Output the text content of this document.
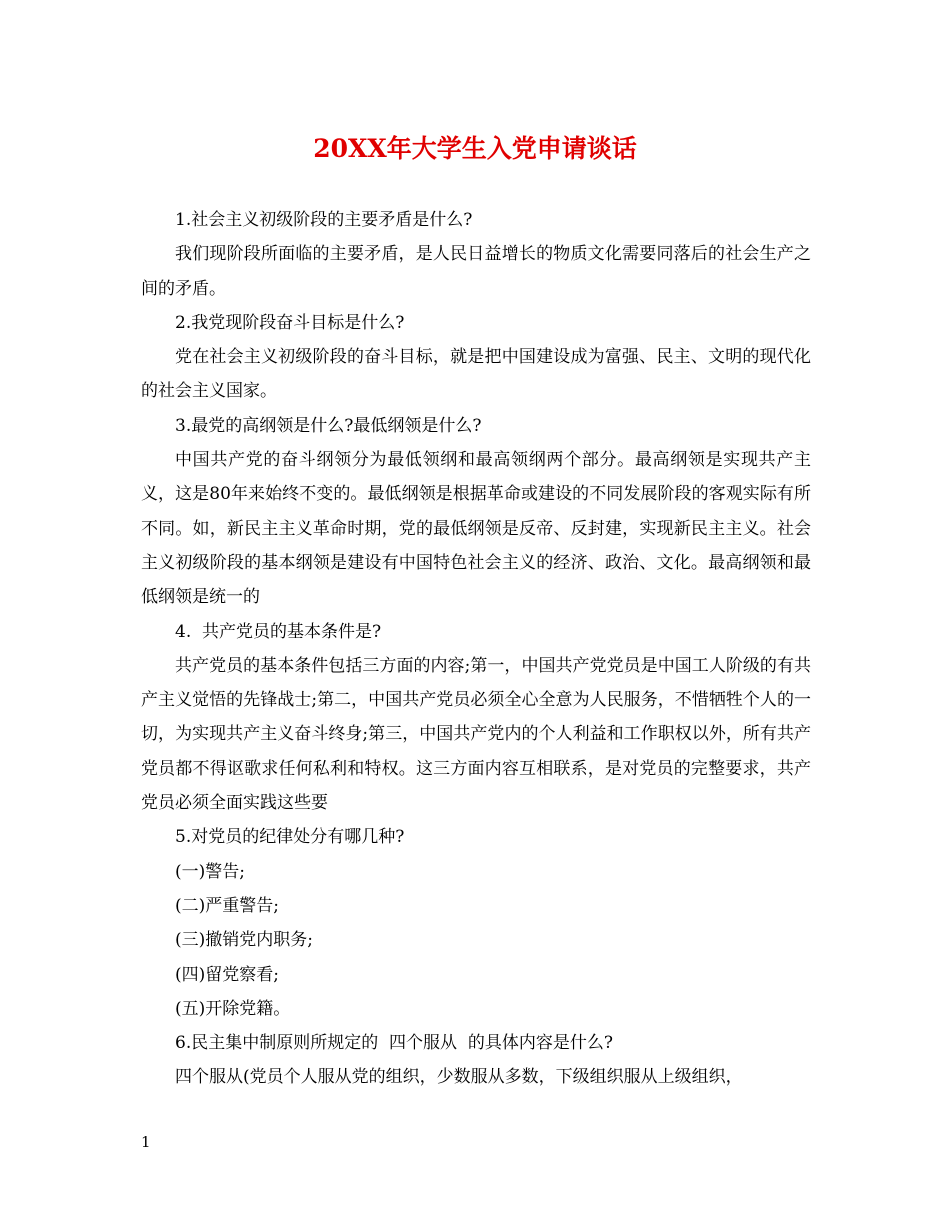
20XX年大学生入党申请谈话

1.社会主义初级阶段的主要矛盾是什么?

我们现阶段所面临的主要矛盾，是人民日益增长的物质文化需要同落后的社会生产之间的矛盾。

2.我党现阶段奋斗目标是什么?

党在社会主义初级阶段的奋斗目标，就是把中国建设成为富强、民主、文明的现代化的社会主义国家。

3.最党的高纲领是什么?最低纲领是什么?

中国共产党的奋斗纲领分为最低领纲和最高领纲两个部分。最高纲领是实现共产主义，这是80年来始终不变的。最低纲领是根据革命或建设的不同发展阶段的客观实际有所不同。如，新民主主义革命时期，党的最低纲领是反帝、反封建，实现新民主主义。社会主义初级阶段的基本纲领是建设有中国特色社会主义的经济、政治、文化。最高纲领和最低纲领是统一的

4.  共产党员的基本条件是?

共产党员的基本条件包括三方面的内容;第一，中国共产党党员是中国工人阶级的有共产主义觉悟的先锋战士;第二，中国共产党员必须全心全意为人民服务，不惜牺牲个人的一切，为实现共产主义奋斗终身;第三，中国共产党内的个人利益和工作职权以外，所有共产党员都不得讴歌求任何私利和特权。这三方面内容互相联系，是对党员的完整要求，共产党员必须全面实践这些要

5.对党员的纪律处分有哪几种?

(一)警告;

(二)严重警告;

(三)撤销党内职务;

(四)留党察看;

(五)开除党籍。

6.民主集中制原则所规定的  四个服从  的具体内容是什么?

四个服从(党员个人服从党的组织，少数服从多数，下级组织服从上级组织，

1
